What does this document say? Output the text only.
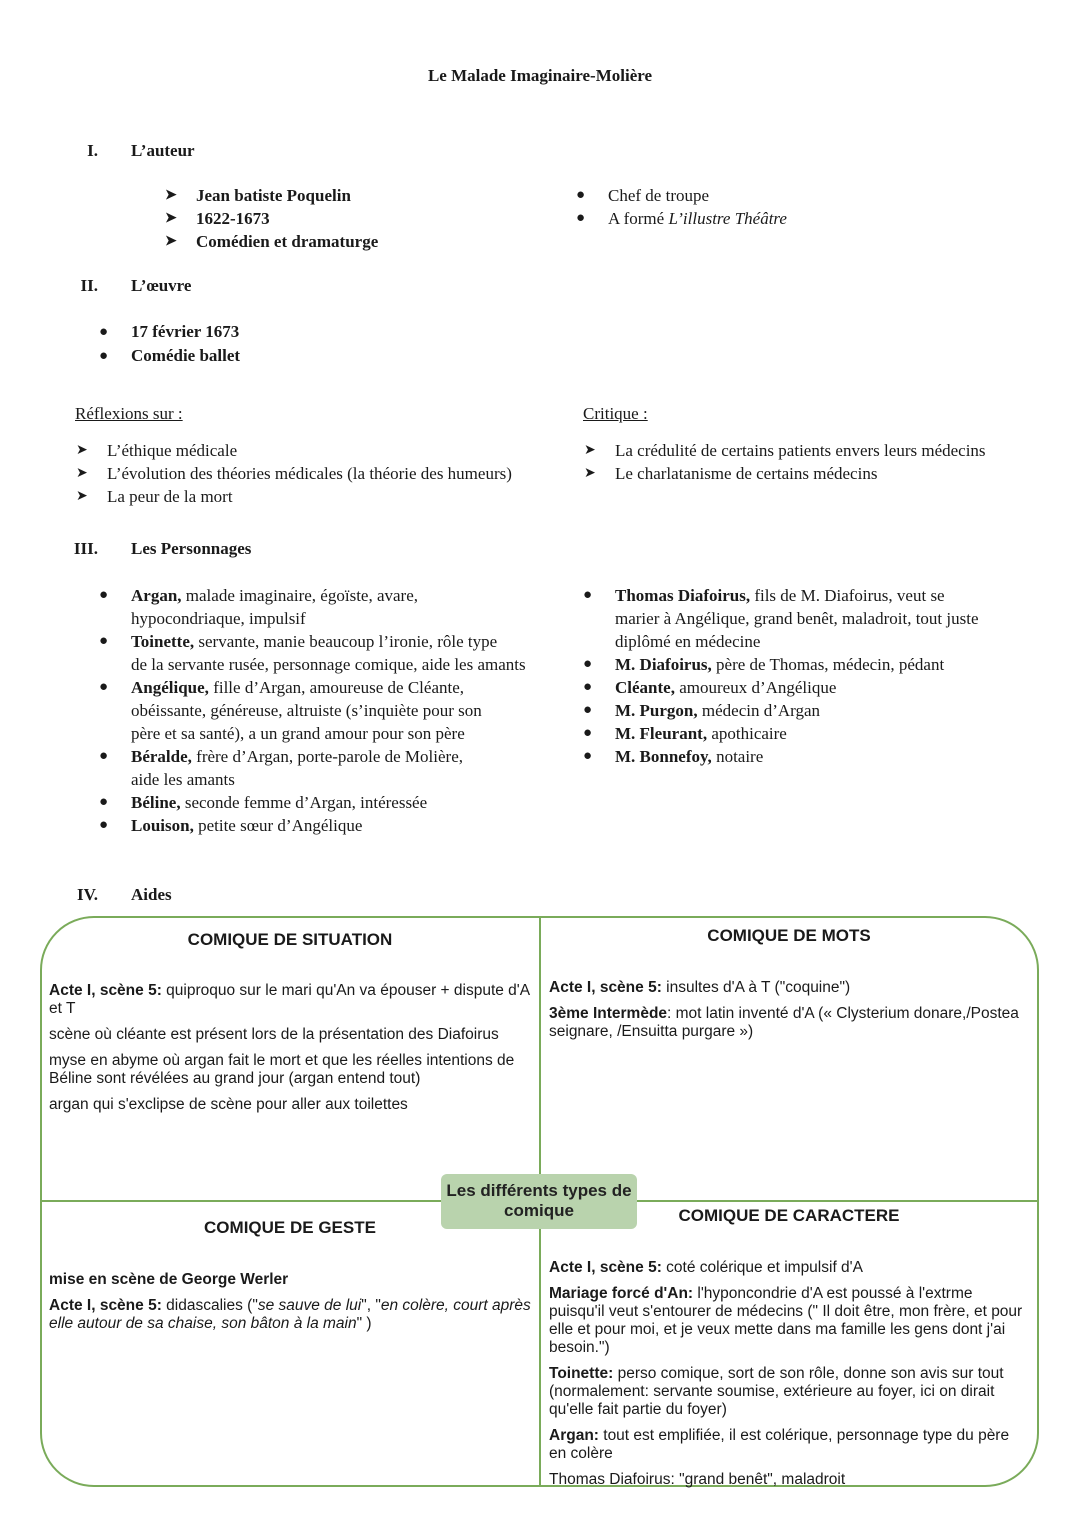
Le Malade Imaginaire-Molière
I. L’auteur
➤ Jean batiste Poquelin
➤ 1622-1673
➤ Comédien et dramaturge
● Chef de troupe
● A formé L’illustre Théâtre
II. L’œuvre
● 17 février 1673
● Comédie ballet
Réflexions sur :
➤ L’éthique médicale
➤ L’évolution des théories médicales (la théorie des humeurs)
➤ La peur de la mort
Critique :
➤ La crédulité de certains patients envers leurs médecins
➤ Le charlatanisme de certains médecins
III. Les Personnages
● Argan, malade imaginaire, égoïste, avare,
hypocondriaque, impulsif
● Toinette, servante, manie beaucoup l’ironie, rôle type
de la servante rusée, personnage comique, aide les amants
● Angélique, fille d’Argan, amoureuse de Cléante,
obéissante, généreuse, altruiste (s’inquiète pour son
père et sa santé), a un grand amour pour son père
● Béralde, frère d’Argan, porte-parole de Molière,
aide les amants
● Béline, seconde femme d’Argan, intéressée
● Louison, petite sœur d’Angélique
● Thomas Diafoirus, fils de M. Diafoirus, veut se
marier à Angélique, grand benêt, maladroit, tout juste
diplômé en médecine
● M. Diafoirus, père de Thomas, médecin, pédant
● Cléante, amoureux d’Angélique
● M. Purgon, médecin d’Argan
● M. Fleurant, apothicaire
● M. Bonnefoy, notaire
IV. Aides
COMIQUE DE SITUATION

Acte I, scène 5: quiproquo sur le mari qu'An va épouser + dispute d'A et T

scène où cléante est présent lors de la présentation des Diafoirus

myse en abyme où argan fait le mort et que les réelles intentions de Béline sont révélées au grand jour (argan entend tout)

argan qui s'exclipse de scène pour aller aux toilettes

COMIQUE DE MOTS

Acte I, scène 5: insultes d'A à T ("coquine")

3ème Intermède: mot latin inventé d'A (« Clysterium donare,/Postea seignare, /Ensuitta purgare »)

Les différents types de comique
COMIQUE DE GESTE

mise en scène de George Werler

Acte I, scène 5: didascalies ("se sauve de lui", "en colère, court après elle autour de sa chaise, son bâton à la main" )

COMIQUE DE CARACTERE

Acte I, scène 5: coté colérique et impulsif d'A

Mariage forcé d'An: l'hyponcondrie d'A est poussé à l'extrme puisqu'il veut s'entourer de médecins (" Il doit être, mon frère, et pour elle et pour moi, et je veux mette dans ma famille les gens dont j'ai besoin.")

Toinette: perso comique, sort de son rôle, donne son avis sur tout (normalement: servante soumise, extérieure au foyer, ici on dirait qu'elle fait partie du foyer)

Argan: tout est emplifiée, il est colérique, personnage type du père en colère

Thomas Diafoirus: "grand benêt", maladroit
